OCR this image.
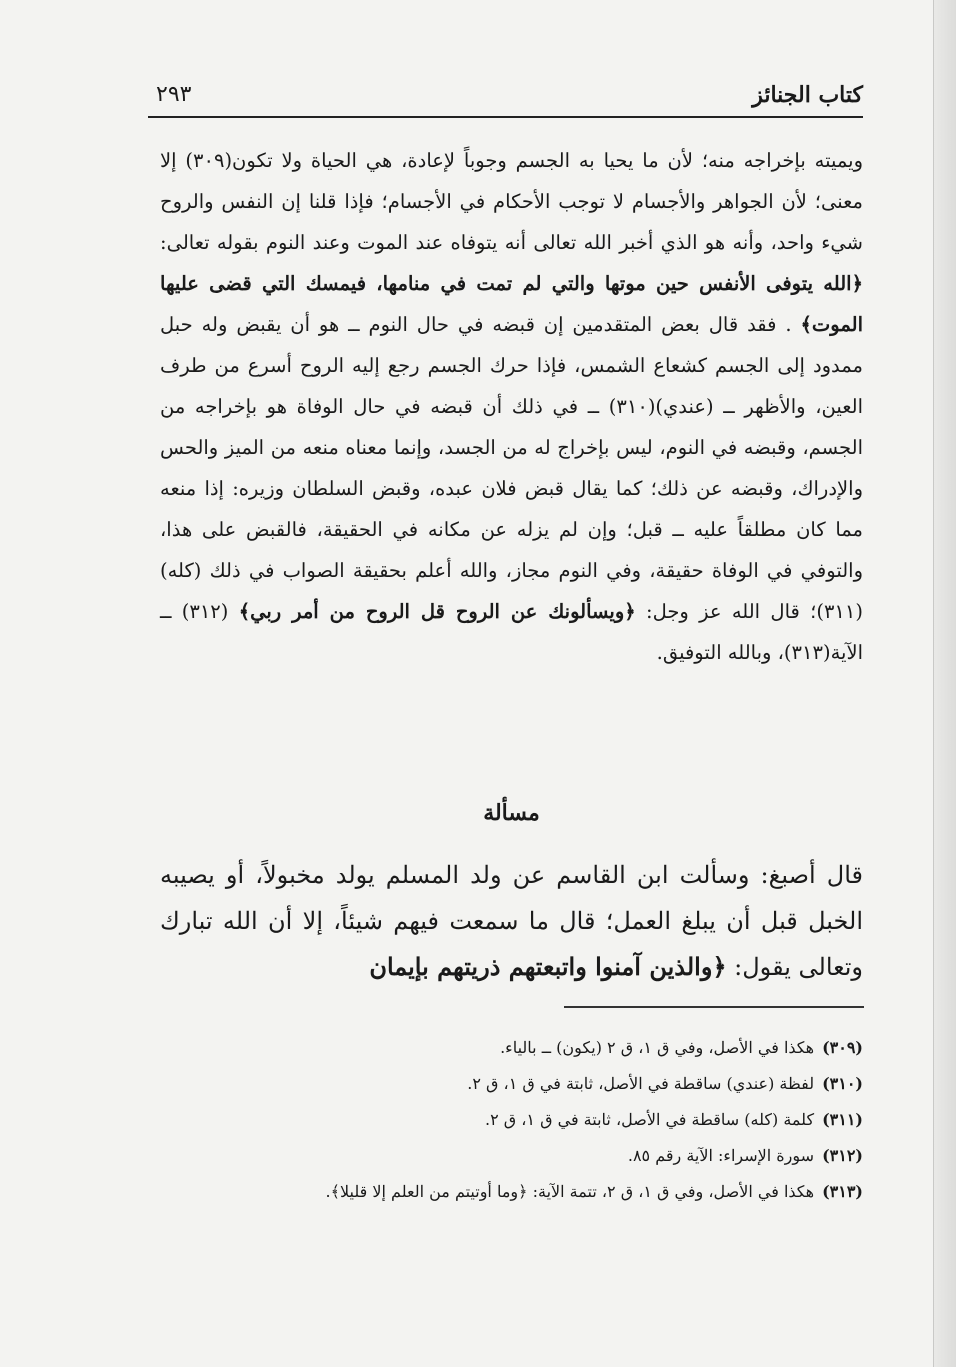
كتاب الجنائز
٢٩٣

ويميته بإخراجه منه؛ لأن ما يحيا به الجسم وجوباً لإعادة، هي الحياة ولا تكون(٣٠٩) إلا معنى؛ لأن الجواهر والأجسام لا توجب الأحكام في الأجسام؛ فإذا قلنا إن النفس والروح شيء واحد، وأنه هو الذي أخبر الله تعالى أنه يتوفاه عند الموت وعند النوم بقوله تعالى: ﴿الله يتوفى الأنفس حين موتها والتي لم تمت في منامها، فيمسك التي قضى عليها الموت﴾ . فقد قال بعض المتقدمين إن قبضه في حال النوم ــ هو أن يقبض وله حبل ممدود إلى الجسم كشعاع الشمس، فإذا حرك الجسم رجع إليه الروح أسرع من طرف العين، والأظهر ــ (عندي)(٣١٠) ــ في ذلك أن قبضه في حال الوفاة هو بإخراجه من الجسم، وقبضه في النوم، ليس بإخراج له من الجسد، وإنما معناه منعه من الميز والحس والإدراك، وقبضه عن ذلك؛ كما يقال قبض فلان عبده، وقبض السلطان وزيره: إذا منعه مما كان مطلقاً عليه ــ قبل؛ وإن لم يزله عن مكانه في الحقيقة، فالقبض على هذا، والتوفي في الوفاة حقيقة، وفي النوم مجاز، والله أعلم بحقيقة الصواب في ذلك (كله)(٣١١)؛ قال الله عز وجل: ﴿ويسألونك عن الروح قل الروح من أمر ربي﴾ (٣١٢) ــ الآية(٣١٣)، وبالله التوفيق.

مسألة

قال أصبغ: وسألت ابن القاسم عن ولد المسلم يولد مخبولاً، أو يصيبه الخبل قبل أن يبلغ العمل؛ قال ما سمعت فيهم شيئاً، إلا أن الله تبارك وتعالى يقول: ﴿والذين آمنوا واتبعتهم ذريتهم بإيمان

(٣٠٩)هكذا في الأصل، وفي ق ١، ق ٢ (يكون) ــ بالياء.

(٣١٠)لفظة (عندي) ساقطة في الأصل، ثابتة في ق ١، ق ٢.

(٣١١)كلمة (كله) ساقطة في الأصل، ثابتة في ق ١، ق ٢.

(٣١٢)سورة الإسراء: الآية رقم ٨٥.

(٣١٣)هكذا في الأصل، وفي ق ١، ق ٢، تتمة الآية: ﴿وما أوتيتم من العلم إلا قليلا﴾.
